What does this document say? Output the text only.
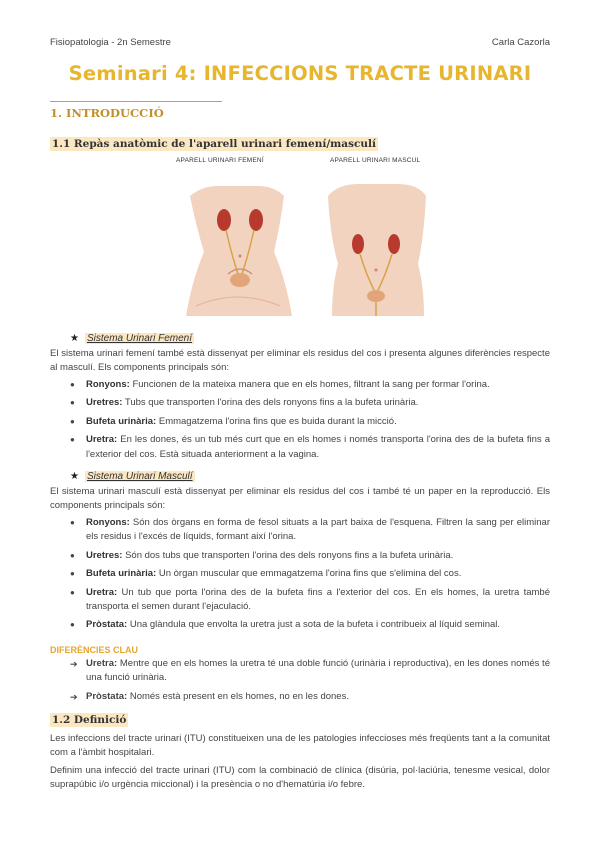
Fisiopatologia - 2n Semestre	Carla Cazorla
Seminari 4: INFECCIONS TRACTE URINARI
1. INTRODUCCIÓ
1.1 Repàs anatòmic de l'aparell urinari femení/masculí
APARELL URINARI FEMENÍ	APARELL URINARI MASCUL
★ Sistema Urinari Femení
El sistema urinari femení també està dissenyat per eliminar els residus del cos i presenta algunes diferències respecte al masculí. Els components principals són:
● Ronyons: Funcionen de la mateixa manera que en els homes, filtrant la sang per formar l'orina.
● Uretres: Tubs que transporten l'orina des dels ronyons fins a la bufeta urinària.
● Bufeta urinària: Emmagatzema l'orina fins que es buida durant la micció.
● Uretra: En les dones, és un tub més curt que en els homes i només transporta l'orina des de la bufeta fins a l'exterior del cos. Està situada anteriorment a la vagina.
★ Sistema Urinari Masculí
El sistema urinari masculí està dissenyat per eliminar els residus del cos i també té un paper en la reproducció. Els components principals són:
● Ronyons: Són dos òrgans en forma de fesol situats a la part baixa de l'esquena. Filtren la sang per eliminar els residus i l'excés de líquids, formant així l'orina.
● Uretres: Són dos tubs que transporten l'orina des dels ronyons fins a la bufeta urinària.
● Bufeta urinària: Un òrgan muscular que emmagatzema l'orina fins que s'elimina del cos.
● Uretra: Un tub que porta l'orina des de la bufeta fins a l'exterior del cos. En els homes, la uretra també transporta el semen durant l'ejaculació.
● Pròstata: Una glàndula que envolta la uretra just a sota de la bufeta i contribueix al líquid seminal.
DIFERÈNCIES CLAU
➔ Uretra: Mentre que en els homes la uretra té una doble funció (urinària i reproductiva), en les dones només té una funció urinària.
➔ Pròstata: Només està present en els homes, no en les dones.
1.2 Definició
Les infeccions del tracte urinari (ITU) constitueixen una de les patologies infeccioses més freqüents tant a la comunitat com a l'àmbit hospitalari.
Definim una infecció del tracte urinari (ITU) com la combinació de clínica (disúria, pol·laciúria, tenesme vesical, dolor suprapúbic i/o urgència miccional) i la presència o no d'hematúria i/o febre.
